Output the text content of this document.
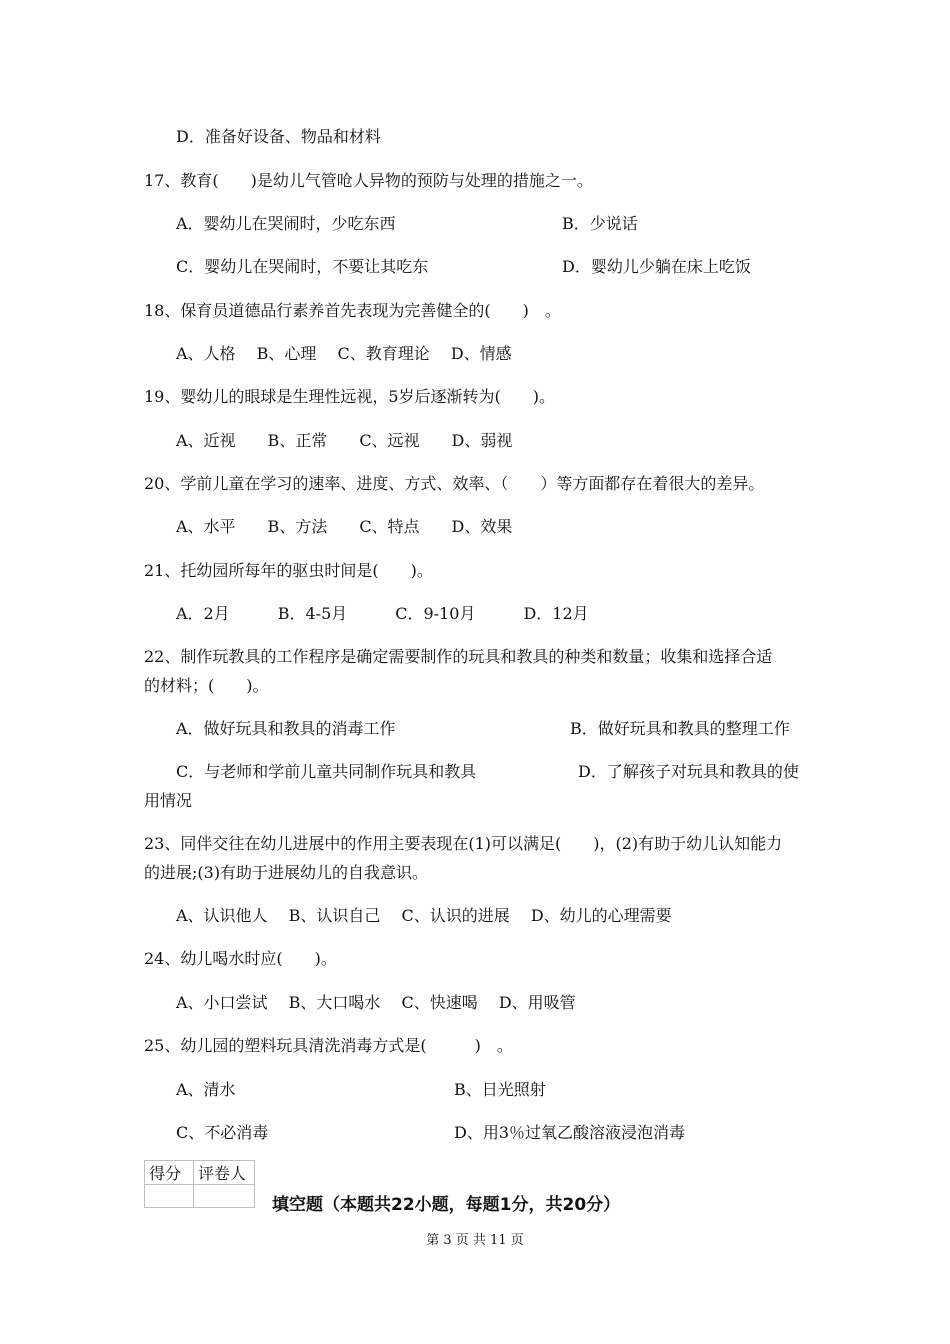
D．准备好设备、物品和材料
17、教育(　　)是幼儿气管呛人异物的预防与处理的措施之一。
A．婴幼儿在哭闹时，少吃东西	B．少说话
C．婴幼儿在哭闹时，不要让其吃东	D．婴幼儿少躺在床上吃饭
18、保育员道德品行素养首先表现为完善健全的(　　)　。
A、人格　 B、心理　 C、教育理论　 D、情感
19、婴幼儿的眼球是生理性远视，5岁后逐渐转为(　　)。
A、近视　　B、正常　　C、远视　　D、弱视
20、学前儿童在学习的速率、进度、方式、效率、（　　）等方面都存在着很大的差异。
A、水平　　B、方法　　C、特点　　D、效果
21、托幼园所每年的驱虫时间是(　　)。
A．2月　　　B．4-5月　　　C．9-10月　　　D．12月
22、制作玩教具的工作程序是确定需要制作的玩具和教具的种类和数量；收集和选择合适
的材料；(　　)。
A．做好玩具和教具的消毒工作	B．做好玩具和教具的整理工作
C．与老师和学前儿童共同制作玩具和教具	D．了解孩子对玩具和教具的使
用情况
23、同伴交往在幼儿进展中的作用主要表现在(1)可以满足(　　)，(2)有助于幼儿认知能力
的进展;(3)有助于进展幼儿的自我意识。
A、认识他人　 B、认识自己　 C、认识的进展　 D、幼儿的心理需要
24、幼儿喝水时应(　　)。
A、小口尝试　 B、大口喝水　 C、快速喝　 D、用吸管
25、幼儿园的塑料玩具清洗消毒方式是(　　　)　。
A、清水	B、日光照射
C、不必消毒	D、用3％过氧乙酸溶液浸泡消毒
得分	评卷人

填空题（本题共22小题，每题1分，共20分）
第 3 页 共 11 页
